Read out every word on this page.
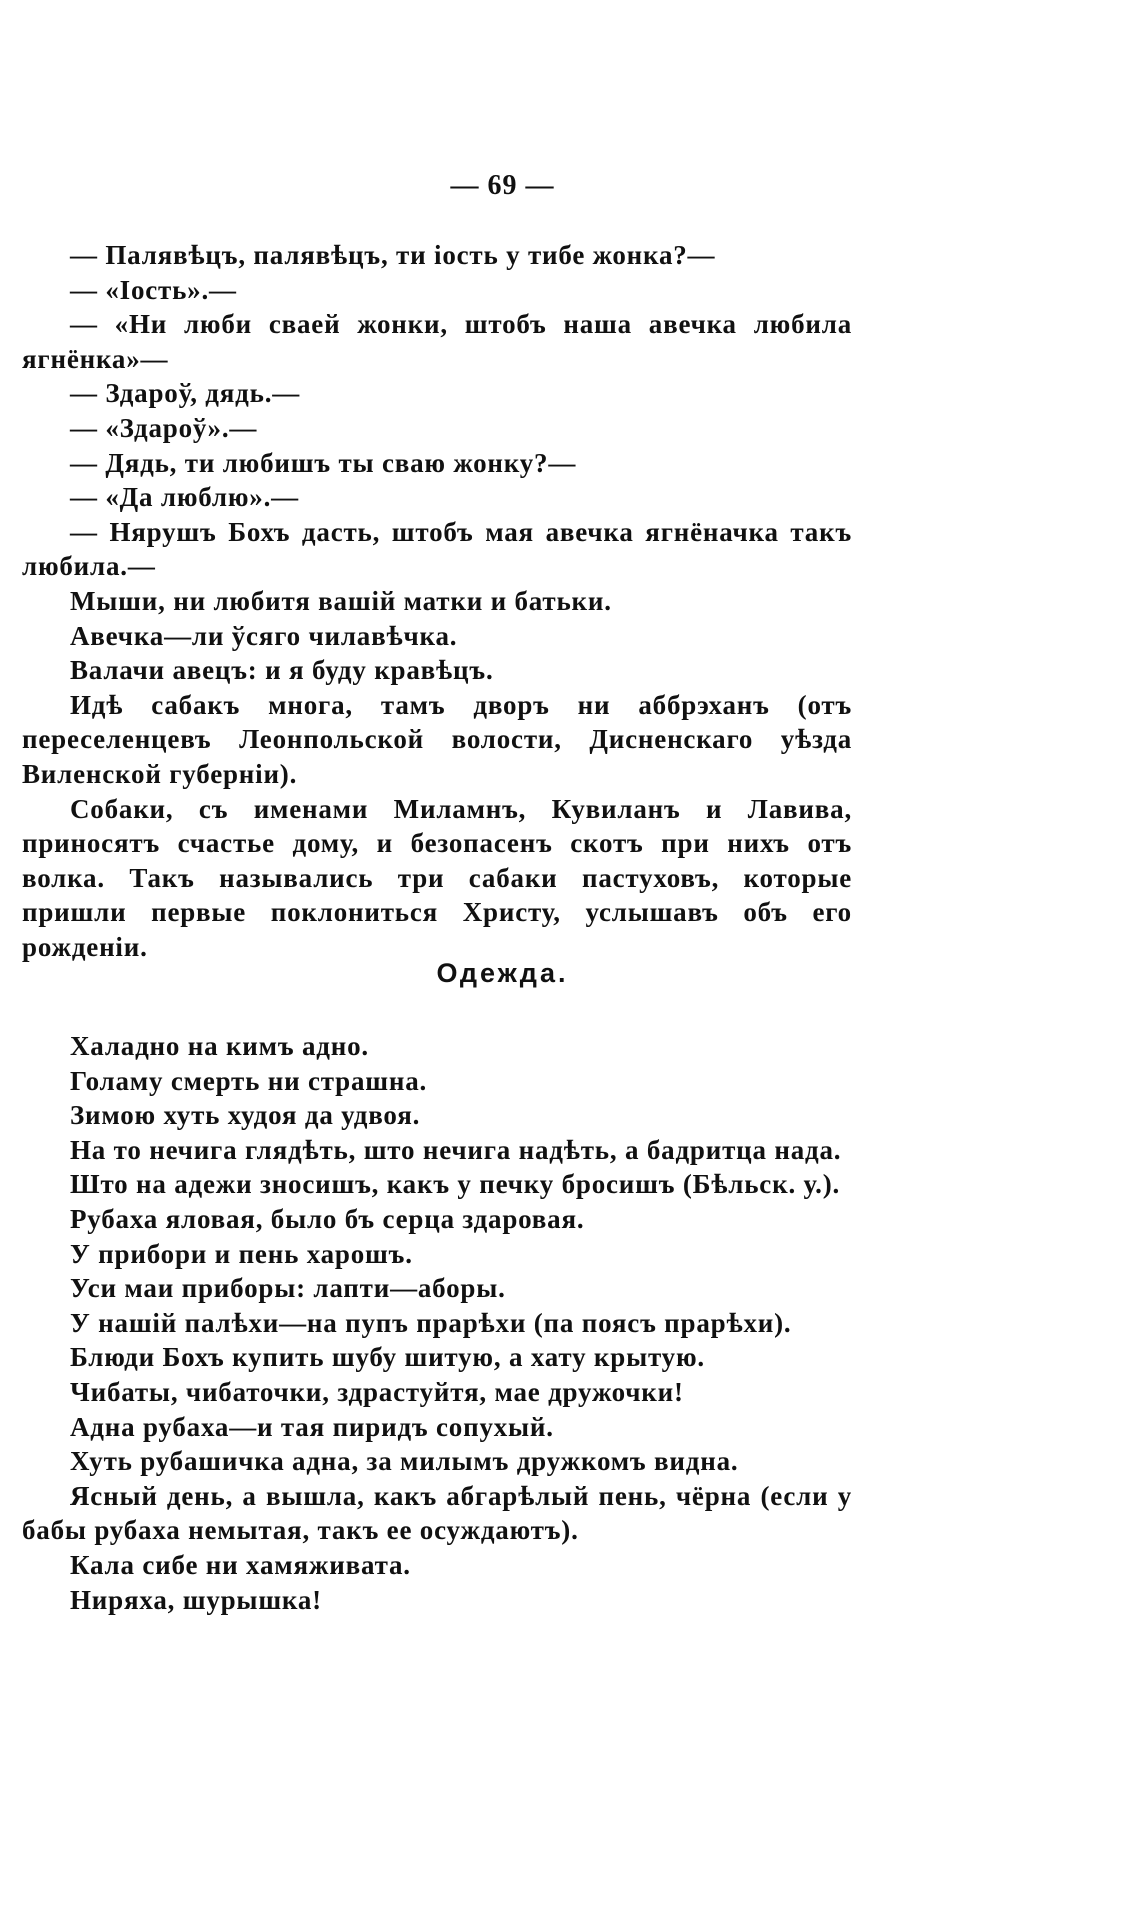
— 69 —

— Палявѣцъ, палявѣцъ, ти іость у тибе жонка?—

— «Іость».—

— «Ни люби сваей жонки, штобъ наша авечка любила ягнёнка»—

— Здароў, дядь.—

— «Здароў».—

— Дядь, ти любишъ ты сваю жонку?—

— «Да люблю».—

— Нярушъ Бохъ дасть, штобъ мая авечка ягнёначка такъ любила.—

Мыши, ни любитя вашій матки и батьки.

Авечка—ли ўсяго чилавѣчка.

Валачи авецъ: и я буду кравѣцъ.

Идѣ сабакъ многа, тамъ дворъ ни аббрэханъ (отъ переселенцевъ Леонпольской волости, Дисненскаго уѣзда Виленской губерніи).

Собаки, съ именами Миламнъ, Кувиланъ и Лавива, приносятъ счастье дому, и безопасенъ скотъ при нихъ отъ волка. Такъ назывались три сабаки пастуховъ, которые пришли первые поклониться Христу, услышавъ объ его рожденіи.

Одежда.

Халадно на кимъ адно.

Голаму смерть ни страшна.

Зимою хуть худоя да удвоя.

На то нечига глядѣть, што нечига надѣть, а бадритца нада.

Што на адежи зносишъ, какъ у печку бросишъ (Бѣльск. у.).

Рубаха яловая, было бъ серца здаровая.

У прибори и пень харошъ.

Уси маи приборы: лапти—аборы.

У нашій палѣхи—на пупъ прарѣхи (па поясъ прарѣхи).

Блюди Бохъ купить шубу шитую, а хату крытую.

Чибаты, чибаточки, здрастуйтя, мае дружочки!

Адна рубаха—и тая пиридъ сопухый.

Хуть рубашичка адна, за милымъ дружкомъ видна.

Ясный день, а вышла, какъ абгарѣлый пень, чёрна (если у бабы рубаха немытая, такъ ее осуждаютъ).

Кала сибе ни хамяживата.

Ниряха, шурышка!
